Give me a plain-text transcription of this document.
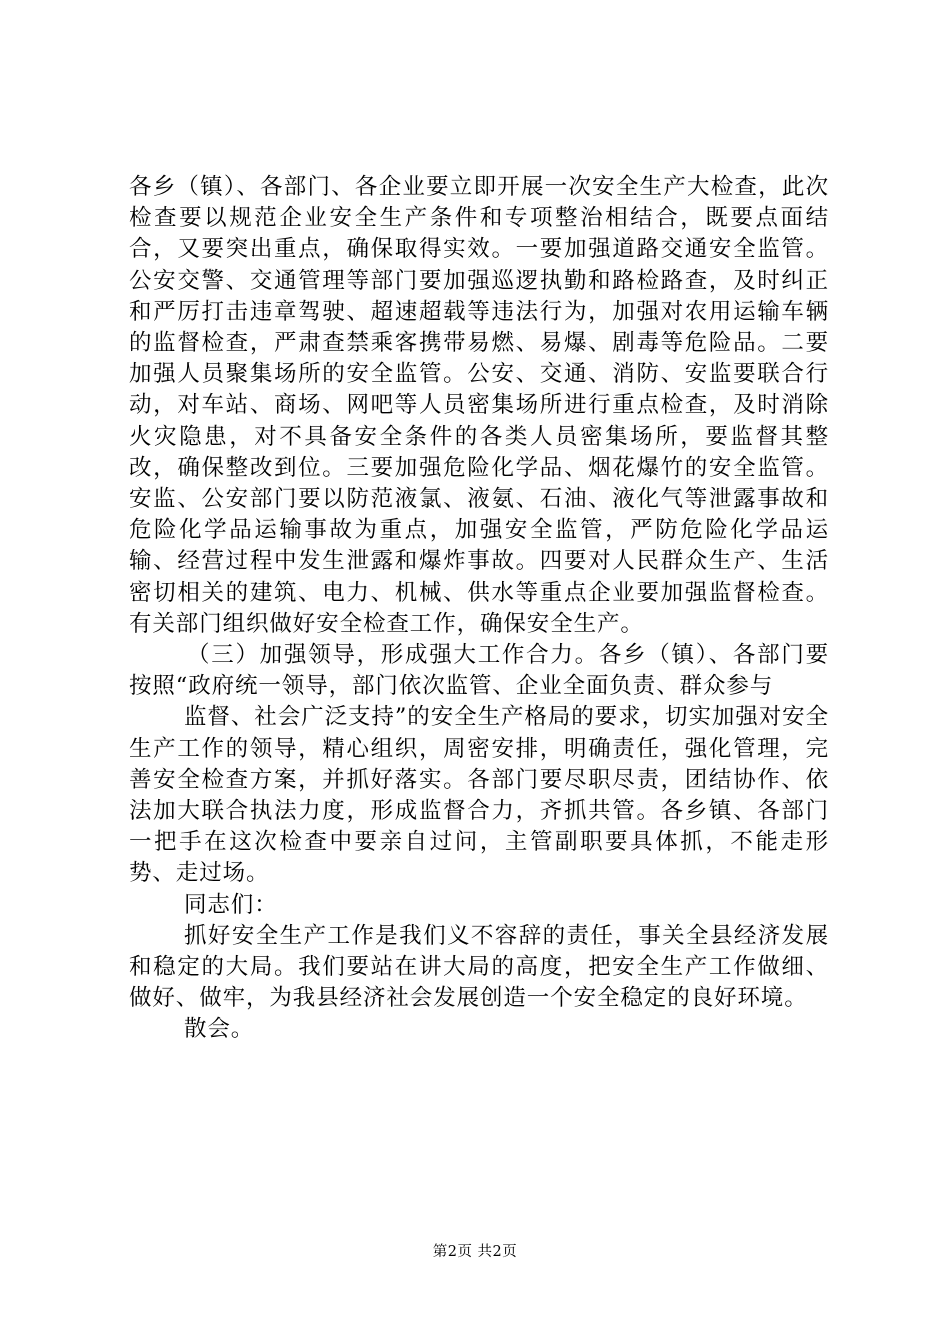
各乡（镇）、各部门、各企业要立即开展一次安全生产大检查，此次检查要以规范企业安全生产条件和专项整治相结合，既要点面结合，又要突出重点，确保取得实效。一要加强道路交通安全监管。公安交警、交通管理等部门要加强巡逻执勤和路检路查，及时纠正和严厉打击违章驾驶、超速超载等违法行为，加强对农用运输车辆的监督检查，严肃查禁乘客携带易燃、易爆、剧毒等危险品。二要加强人员聚集场所的安全监管。公安、交通、消防、安监要联合行动，对车站、商场、网吧等人员密集场所进行重点检查，及时消除火灾隐患，对不具备安全条件的各类人员密集场所，要监督其整改，确保整改到位。三要加强危险化学品、烟花爆竹的安全监管。安监、公安部门要以防范液氯、液氨、石油、液化气等泄露事故和危险化学品运输事故为重点，加强安全监管，严防危险化学品运输、经营过程中发生泄露和爆炸事故。四要对人民群众生产、生活密切相关的建筑、电力、机械、供水等重点企业要加强监督检查。有关部门组织做好安全检查工作，确保安全生产。

（三）加强领导，形成强大工作合力。各乡（镇）、各部门要按照“政府统一领导，部门依次监管、企业全面负责、群众参与

监督、社会广泛支持”的安全生产格局的要求，切实加强对安全生产工作的领导，精心组织，周密安排，明确责任，强化管理，完善安全检查方案，并抓好落实。各部门要尽职尽责，团结协作、依法加大联合执法力度，形成监督合力，齐抓共管。各乡镇、各部门一把手在这次检查中要亲自过问，主管副职要具体抓，不能走形势、走过场。

同志们：

抓好安全生产工作是我们义不容辞的责任，事关全县经济发展和稳定的大局。我们要站在讲大局的高度，把安全生产工作做细、做好、做牢，为我县经济社会发展创造一个安全稳定的良好环境。

散会。

第2页 共2页
